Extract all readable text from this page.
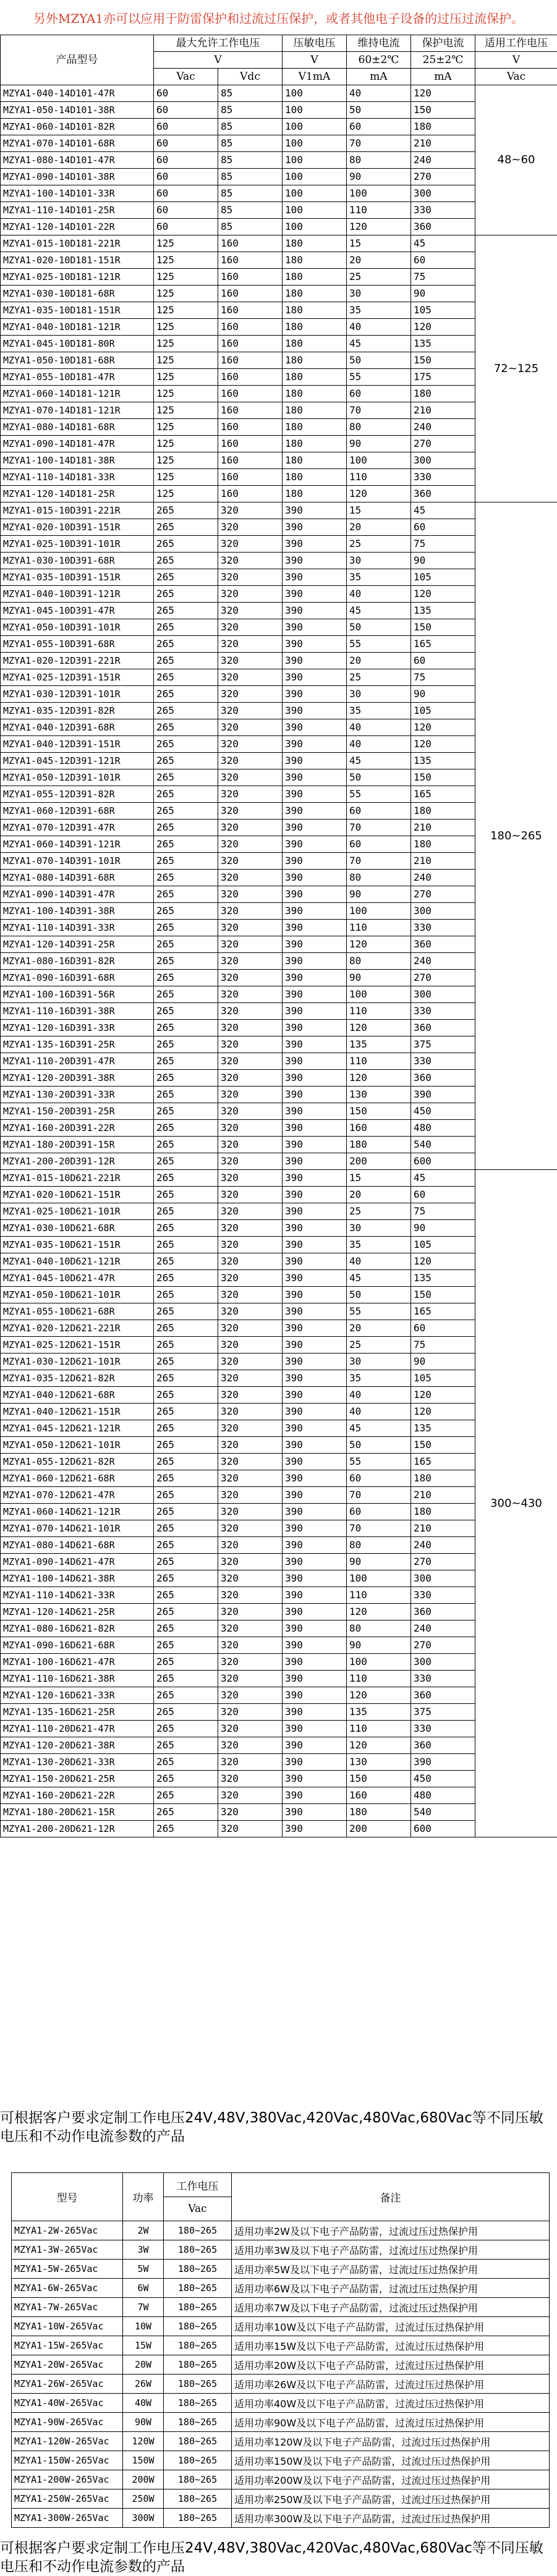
另外MZYA1亦可以应用于防雷保护和过流过压保护，或者其他电子设备的过压过流保护。
产品型号	最大允许工作电压		压敏电压	维持电流	保护电流	适用工作电压
	V		V	60±2℃	25±2℃	V
	Vac	Vdc	V1mA	mA	mA	Vac
MZYA1-040-14D101-47R	60	85	100	40	120	48~60
MZYA1-050-14D101-38R	60	85	100	50	150	
MZYA1-060-14D101-82R	60	85	100	60	180	
MZYA1-070-14D101-68R	60	85	100	70	210	
MZYA1-080-14D101-47R	60	85	100	80	240	
MZYA1-090-14D101-38R	60	85	100	90	270	
MZYA1-100-14D101-33R	60	85	100	100	300	
MZYA1-110-14D101-25R	60	85	100	110	330	
MZYA1-120-14D101-22R	60	85	100	120	360	
MZYA1-015-10D181-221R	125	160	180	15	45	72~125
MZYA1-020-10D181-151R	125	160	180	20	60	
MZYA1-025-10D181-121R	125	160	180	25	75	
MZYA1-030-10D181-68R	125	160	180	30	90	
MZYA1-035-10D181-151R	125	160	180	35	105	
MZYA1-040-10D181-121R	125	160	180	40	120	
MZYA1-045-10D181-80R	125	160	180	45	135	
MZYA1-050-10D181-68R	125	160	180	50	150	
MZYA1-055-10D181-47R	125	160	180	55	175	
MZYA1-060-14D181-121R	125	160	180	60	180	
MZYA1-070-14D181-121R	125	160	180	70	210	
MZYA1-080-14D181-68R	125	160	180	80	240	
MZYA1-090-14D181-47R	125	160	180	90	270	
MZYA1-100-14D181-38R	125	160	180	100	300	
MZYA1-110-14D181-33R	125	160	180	110	330	
MZYA1-120-14D181-25R	125	160	180	120	360	
MZYA1-015-10D391-221R	265	320	390	15	45	180~265
MZYA1-020-10D391-151R	265	320	390	20	60	
MZYA1-025-10D391-101R	265	320	390	25	75	
MZYA1-030-10D391-68R	265	320	390	30	90	
MZYA1-035-10D391-151R	265	320	390	35	105	
MZYA1-040-10D391-121R	265	320	390	40	120	
MZYA1-045-10D391-47R	265	320	390	45	135	
MZYA1-050-10D391-101R	265	320	390	50	150	
MZYA1-055-10D391-68R	265	320	390	55	165	
MZYA1-020-12D391-221R	265	320	390	20	60	
MZYA1-025-12D391-151R	265	320	390	25	75	
MZYA1-030-12D391-101R	265	320	390	30	90	
MZYA1-035-12D391-82R	265	320	390	35	105	
MZYA1-040-12D391-68R	265	320	390	40	120	
MZYA1-040-12D391-151R	265	320	390	40	120	
MZYA1-045-12D391-121R	265	320	390	45	135	
MZYA1-050-12D391-101R	265	320	390	50	150	
MZYA1-055-12D391-82R	265	320	390	55	165	
MZYA1-060-12D391-68R	265	320	390	60	180	
MZYA1-070-12D391-47R	265	320	390	70	210	
MZYA1-060-14D391-121R	265	320	390	60	180	
MZYA1-070-14D391-101R	265	320	390	70	210	
MZYA1-080-14D391-68R	265	320	390	80	240	
MZYA1-090-14D391-47R	265	320	390	90	270	
MZYA1-100-14D391-38R	265	320	390	100	300	
MZYA1-110-14D391-33R	265	320	390	110	330	
MZYA1-120-14D391-25R	265	320	390	120	360	
MZYA1-080-16D391-82R	265	320	390	80	240	
MZYA1-090-16D391-68R	265	320	390	90	270	
MZYA1-100-16D391-56R	265	320	390	100	300	
MZYA1-110-16D391-38R	265	320	390	110	330	
MZYA1-120-16D391-33R	265	320	390	120	360	
MZYA1-135-16D391-25R	265	320	390	135	375	
MZYA1-110-20D391-47R	265	320	390	110	330	
MZYA1-120-20D391-38R	265	320	390	120	360	
MZYA1-130-20D391-33R	265	320	390	130	390	
MZYA1-150-20D391-25R	265	320	390	150	450	
MZYA1-160-20D391-22R	265	320	390	160	480	
MZYA1-180-20D391-15R	265	320	390	180	540	
MZYA1-200-20D391-12R	265	320	390	200	600	
MZYA1-015-10D621-221R	265	320	390	15	45	300~430
MZYA1-020-10D621-151R	265	320	390	20	60	
MZYA1-025-10D621-101R	265	320	390	25	75	
MZYA1-030-10D621-68R	265	320	390	30	90	
MZYA1-035-10D621-151R	265	320	390	35	105	
MZYA1-040-10D621-121R	265	320	390	40	120	
MZYA1-045-10D621-47R	265	320	390	45	135	
MZYA1-050-10D621-101R	265	320	390	50	150	
MZYA1-055-10D621-68R	265	320	390	55	165	
MZYA1-020-12D621-221R	265	320	390	20	60	
MZYA1-025-12D621-151R	265	320	390	25	75	
MZYA1-030-12D621-101R	265	320	390	30	90	
MZYA1-035-12D621-82R	265	320	390	35	105	
MZYA1-040-12D621-68R	265	320	390	40	120	
MZYA1-040-12D621-151R	265	320	390	40	120	
MZYA1-045-12D621-121R	265	320	390	45	135	
MZYA1-050-12D621-101R	265	320	390	50	150	
MZYA1-055-12D621-82R	265	320	390	55	165	
MZYA1-060-12D621-68R	265	320	390	60	180	
MZYA1-070-12D621-47R	265	320	390	70	210	
MZYA1-060-14D621-121R	265	320	390	60	180	
MZYA1-070-14D621-101R	265	320	390	70	210	
MZYA1-080-14D621-68R	265	320	390	80	240	
MZYA1-090-14D621-47R	265	320	390	90	270	
MZYA1-100-14D621-38R	265	320	390	100	300	
MZYA1-110-14D621-33R	265	320	390	110	330	
MZYA1-120-14D621-25R	265	320	390	120	360	
MZYA1-080-16D621-82R	265	320	390	80	240	
MZYA1-090-16D621-68R	265	320	390	90	270	
MZYA1-100-16D621-47R	265	320	390	100	300	
MZYA1-110-16D621-38R	265	320	390	110	330	
MZYA1-120-16D621-33R	265	320	390	120	360	
MZYA1-135-16D621-25R	265	320	390	135	375	
MZYA1-110-20D621-47R	265	320	390	110	330	
MZYA1-120-20D621-38R	265	320	390	120	360	
MZYA1-130-20D621-33R	265	320	390	130	390	
MZYA1-150-20D621-25R	265	320	390	150	450	
MZYA1-160-20D621-22R	265	320	390	160	480	
MZYA1-180-20D621-15R	265	320	390	180	540	
MZYA1-200-20D621-12R	265	320	390	200	600	
可根据客户要求定制工作电压24V,48V,380Vac,420Vac,480Vac,680Vac等不同压敏电压和不动作电流参数的产品
型号	功率	工作电压	备注
		Vac	
MZYA1-2W-265Vac	2W	180~265	适用功率2W及以下电子产品防雷，过流过压过热保护用
MZYA1-3W-265Vac	3W	180~265	适用功率3W及以下电子产品防雷，过流过压过热保护用
MZYA1-5W-265Vac	5W	180~265	适用功率5W及以下电子产品防雷，过流过压过热保护用
MZYA1-6W-265Vac	6W	180~265	适用功率6W及以下电子产品防雷，过流过压过热保护用
MZYA1-7W-265Vac	7W	180~265	适用功率7W及以下电子产品防雷，过流过压过热保护用
MZYA1-10W-265Vac	10W	180~265	适用功率10W及以下电子产品防雷，过流过压过热保护用
MZYA1-15W-265Vac	15W	180~265	适用功率15W及以下电子产品防雷，过流过压过热保护用
MZYA1-20W-265Vac	20W	180~265	适用功率20W及以下电子产品防雷，过流过压过热保护用
MZYA1-26W-265Vac	26W	180~265	适用功率26W及以下电子产品防雷，过流过压过热保护用
MZYA1-40W-265Vac	40W	180~265	适用功率40W及以下电子产品防雷，过流过压过热保护用
MZYA1-90W-265Vac	90W	180~265	适用功率90W及以下电子产品防雷，过流过压过热保护用
MZYA1-120W-265Vac	120W	180~265	适用功率120W及以下电子产品防雷，过流过压过热保护用
MZYA1-150W-265Vac	150W	180~265	适用功率150W及以下电子产品防雷，过流过压过热保护用
MZYA1-200W-265Vac	200W	180~265	适用功率200W及以下电子产品防雷，过流过压过热保护用
MZYA1-250W-265Vac	250W	180~265	适用功率250W及以下电子产品防雷，过流过压过热保护用
MZYA1-300W-265Vac	300W	180~265	适用功率300W及以下电子产品防雷，过流过压过热保护用
可根据客户要求定制工作电压24V,48V,380Vac,420Vac,480Vac,680Vac等不同压敏电压和不动作电流参数的产品
